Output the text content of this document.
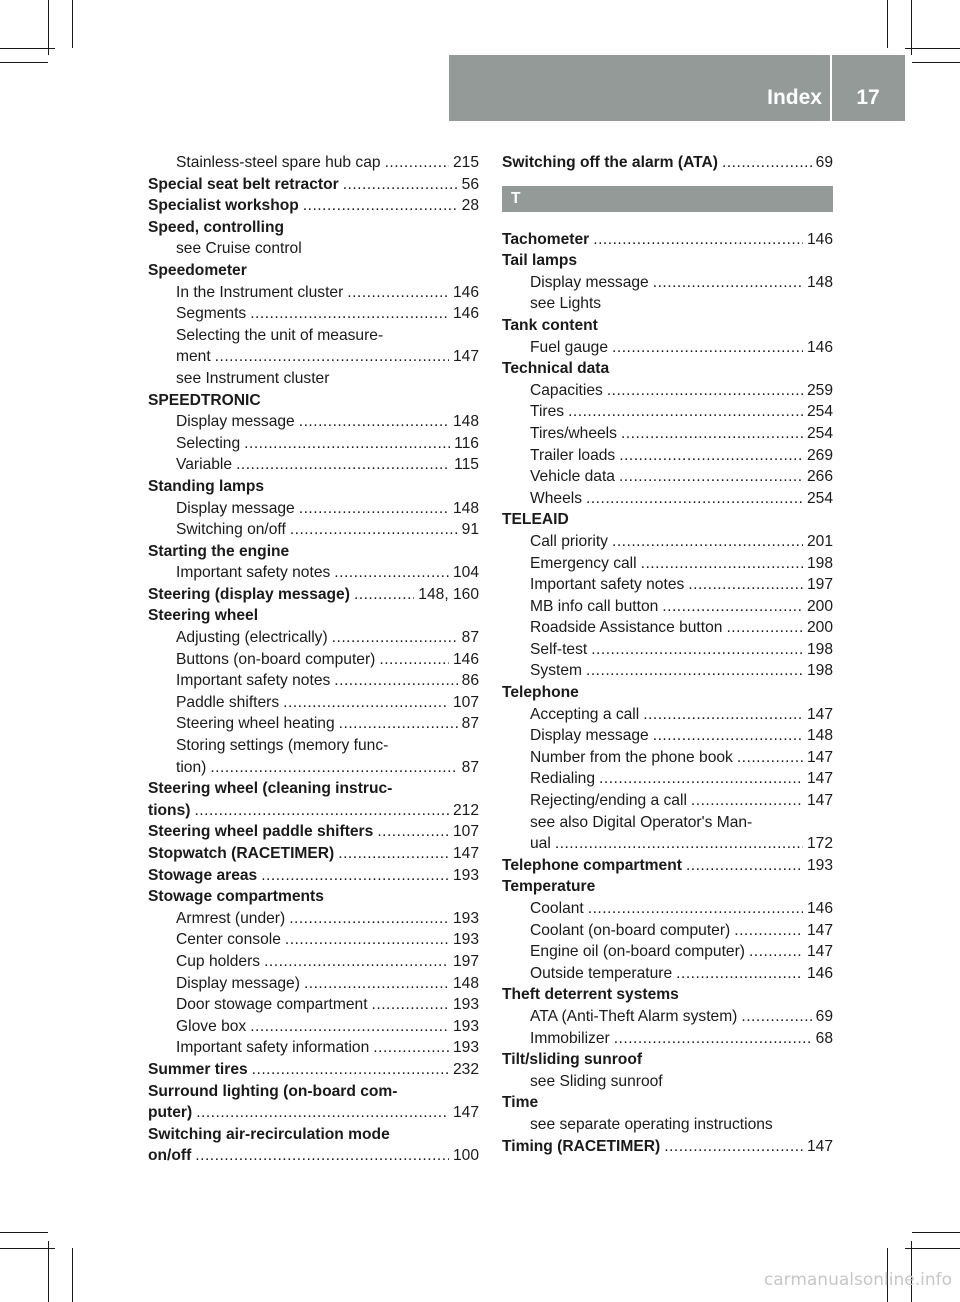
Index	17
Stainless-steel spare hub cap .....	215
Special seat belt retractor .....	56
Specialist workshop .....	28
Speed, controlling
see Cruise control
Speedometer
In the Instrument cluster .....	146
Segments .....	146
Selecting the unit of measure-
ment .....	147
see Instrument cluster
SPEEDTRONIC
Display message .....	148
Selecting .....	116
Variable .....	115
Standing lamps
Display message .....	148
Switching on/off .....	91
Starting the engine
Important safety notes .....	104
Steering (display message) .....	148, 160
Steering wheel
Adjusting (electrically) .....	87
Buttons (on-board computer) .....	146
Important safety notes .....	86
Paddle shifters .....	107
Steering wheel heating .....	87
Storing settings (memory func-
tion) .....	87
Steering wheel (cleaning instruc-
tions) .....	212
Steering wheel paddle shifters .....	107
Stopwatch (RACETIMER) .....	147
Stowage areas .....	193
Stowage compartments
Armrest (under) .....	193
Center console .....	193
Cup holders .....	197
Display message) .....	148
Door stowage compartment .....	193
Glove box .....	193
Important safety information .....	193
Summer tires .....	232
Surround lighting (on-board com-
puter) .....	147
Switching air-recirculation mode
on/off .....	100
Switching off the alarm (ATA) .....	69
T
Tachometer .....	146
Tail lamps
Display message .....	148
see Lights
Tank content
Fuel gauge .....	146
Technical data
Capacities .....	259
Tires .....	254
Tires/wheels .....	254
Trailer loads .....	269
Vehicle data .....	266
Wheels .....	254
TELEAID
Call priority .....	201
Emergency call .....	198
Important safety notes .....	197
MB info call button .....	200
Roadside Assistance button .....	200
Self-test .....	198
System .....	198
Telephone
Accepting a call .....	147
Display message .....	148
Number from the phone book .....	147
Redialing .....	147
Rejecting/ending a call .....	147
see also Digital Operator's Man-
ual .....	172
Telephone compartment .....	193
Temperature
Coolant .....	146
Coolant (on-board computer) .....	147
Engine oil (on-board computer) .....	147
Outside temperature .....	146
Theft deterrent systems
ATA (Anti-Theft Alarm system) .....	69
Immobilizer .....	68
Tilt/sliding sunroof
see Sliding sunroof
Time
see separate operating instructions
Timing (RACETIMER) .....	147
carmanualsonline.info
